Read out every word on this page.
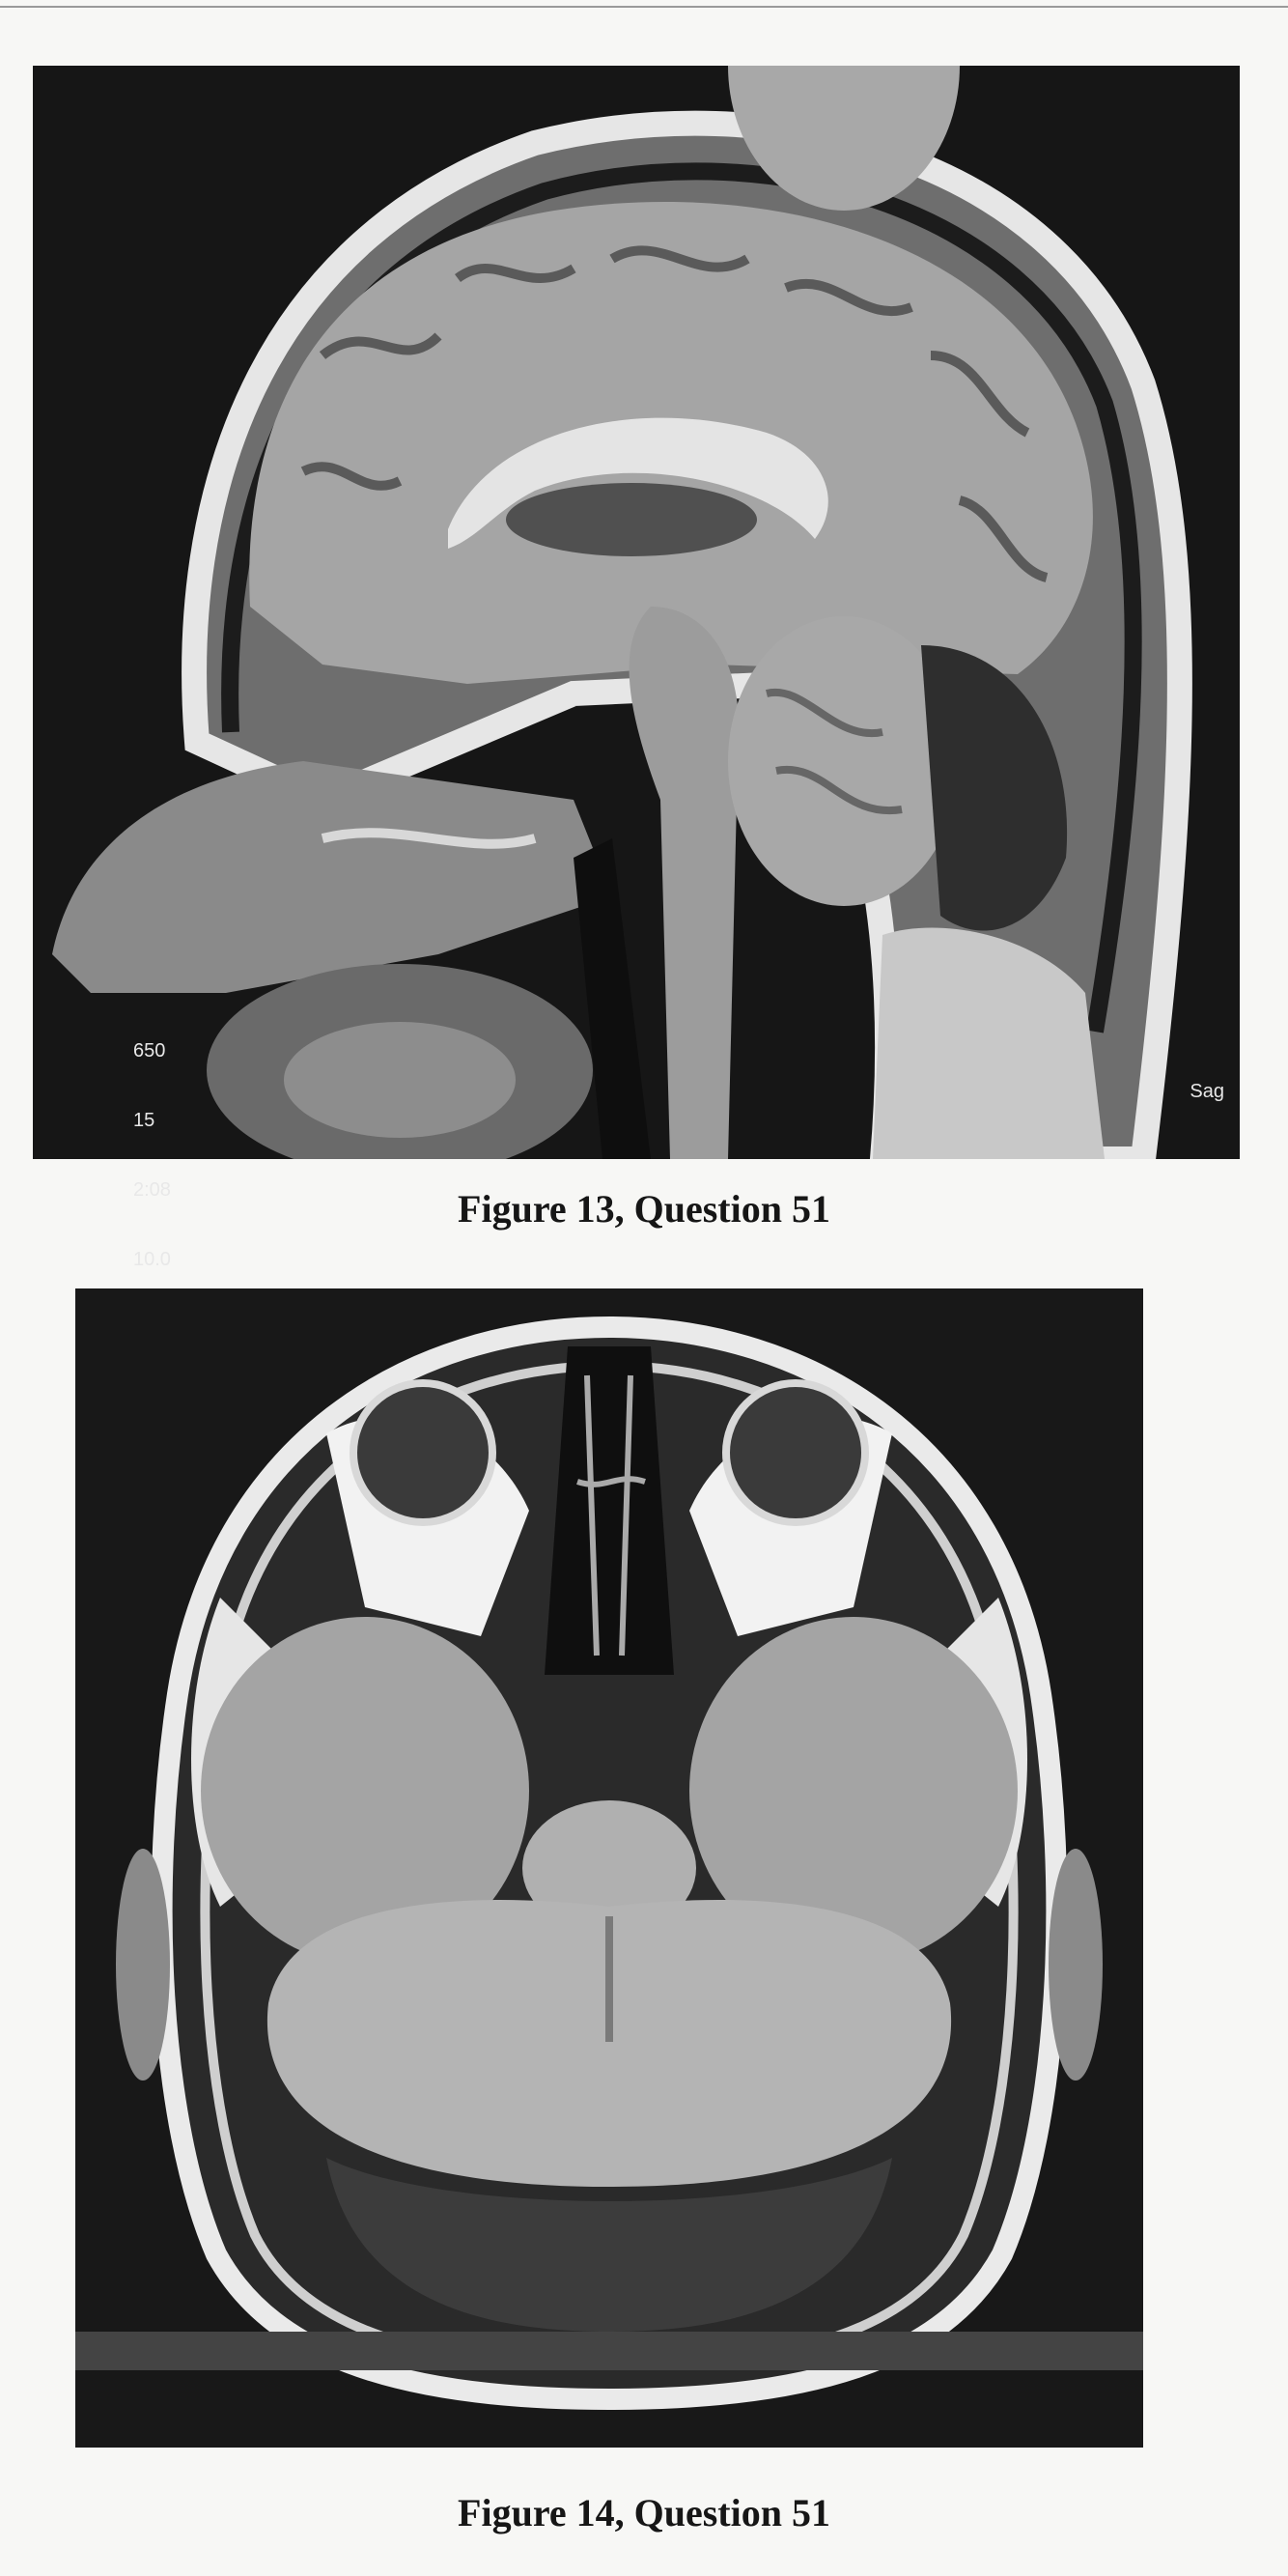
650

15

2:08

10.0

Sag

Figure 13, Question 51
Figure 14, Question 51
